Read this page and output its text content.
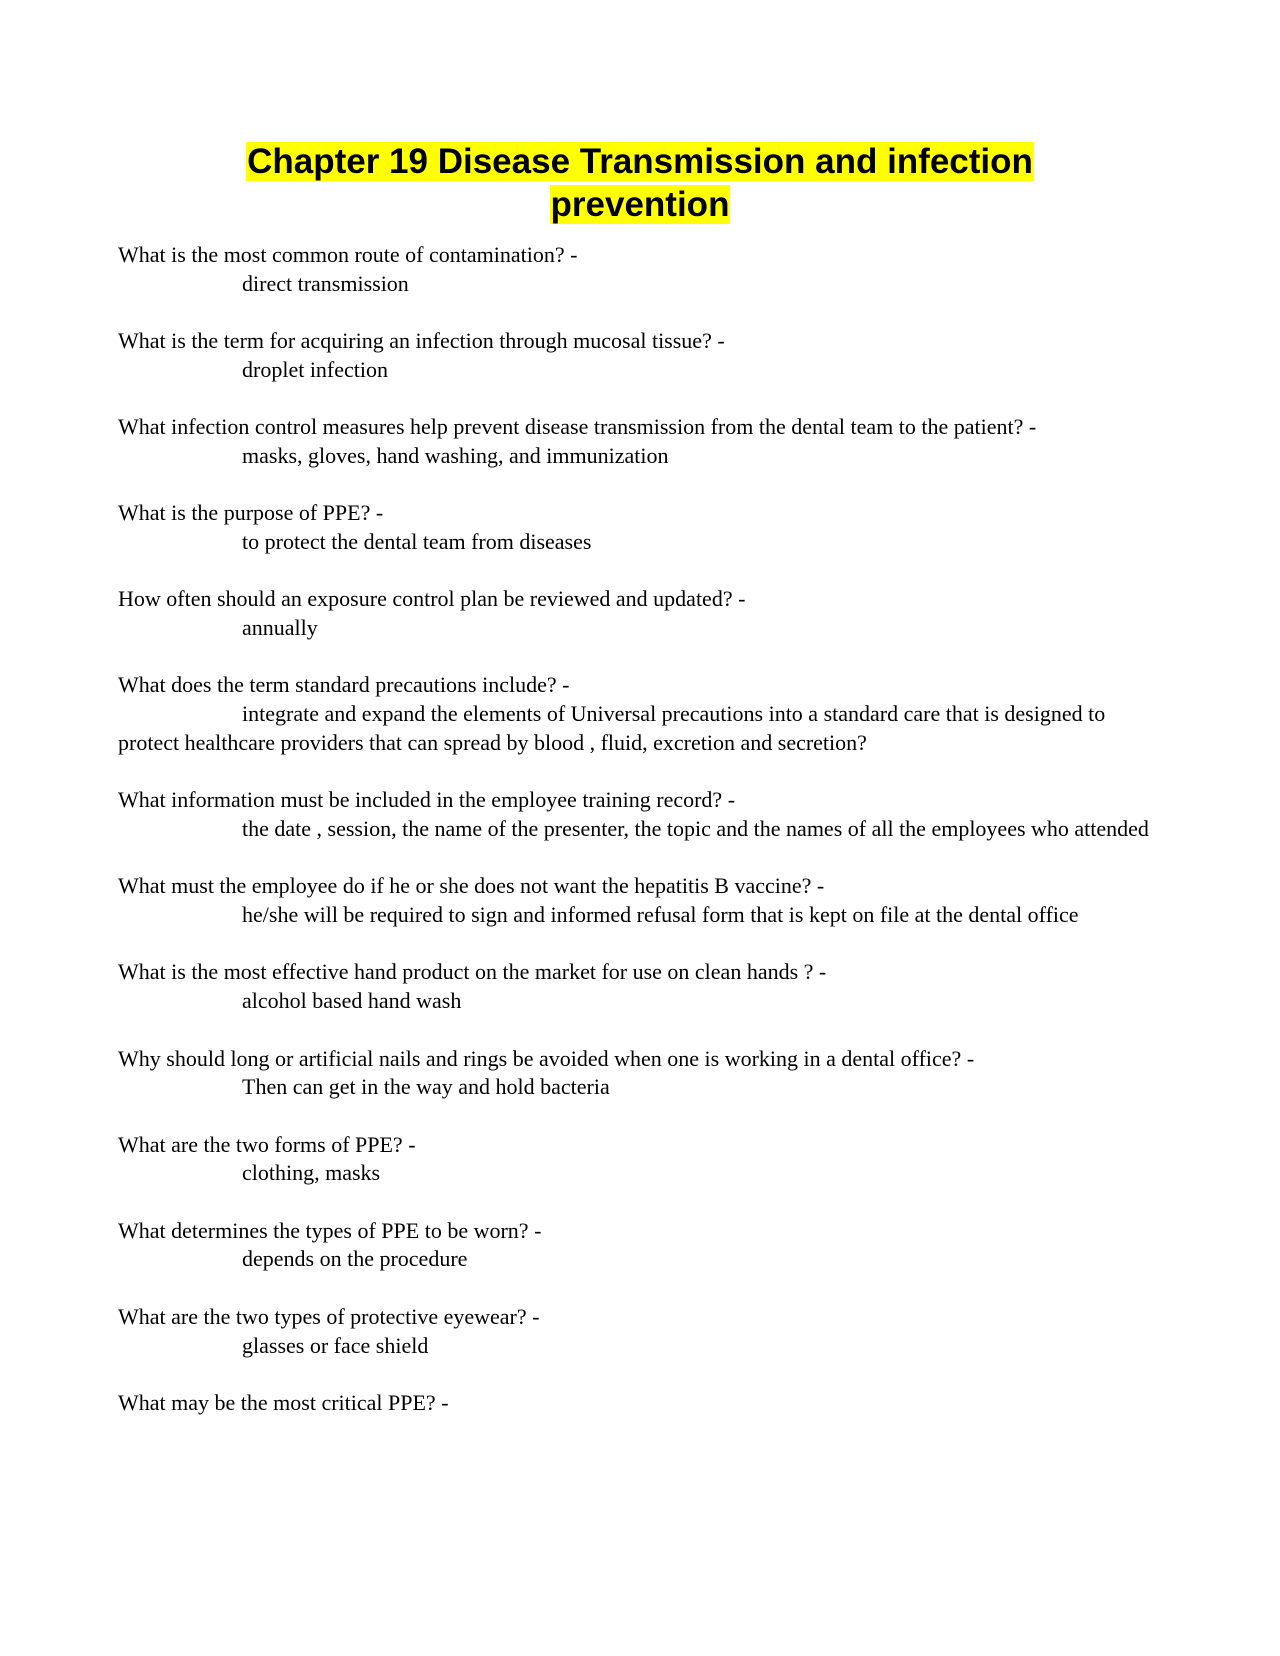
Chapter 19 Disease Transmission and infection
prevention

What is the most common route of contamination? -

direct transmission

What is the term for acquiring an infection through mucosal tissue? -

droplet infection

What infection control measures help prevent disease transmission from the dental team to the patient? -

masks, gloves, hand washing, and immunization

What is the purpose of PPE? -

to protect the dental team from diseases

How often should an exposure control plan be reviewed and updated? -

annually

What does the term standard precautions include? -

integrate and expand the elements of Universal precautions into a standard care that is designed to protect healthcare providers that can spread by blood , fluid, excretion and secretion?

What information must be included in the employee training record? -

the date , session, the name of the presenter, the topic and the names of all the employees who attended

What must the employee do if he or she does not want the hepatitis B vaccine? -

he/she will be required to sign and informed refusal form that is kept on file at the dental office

What is the most effective hand product on the market for use on clean hands ? -

alcohol based hand wash

Why should long or artificial nails and rings be avoided when one is working in a dental office? -

Then can get in the way and hold bacteria

What are the two forms of PPE? -

clothing, masks

What determines the types of PPE to be worn? -

depends on the procedure

What are the two types of protective eyewear? -

glasses or face shield

What may be the most critical PPE? -
